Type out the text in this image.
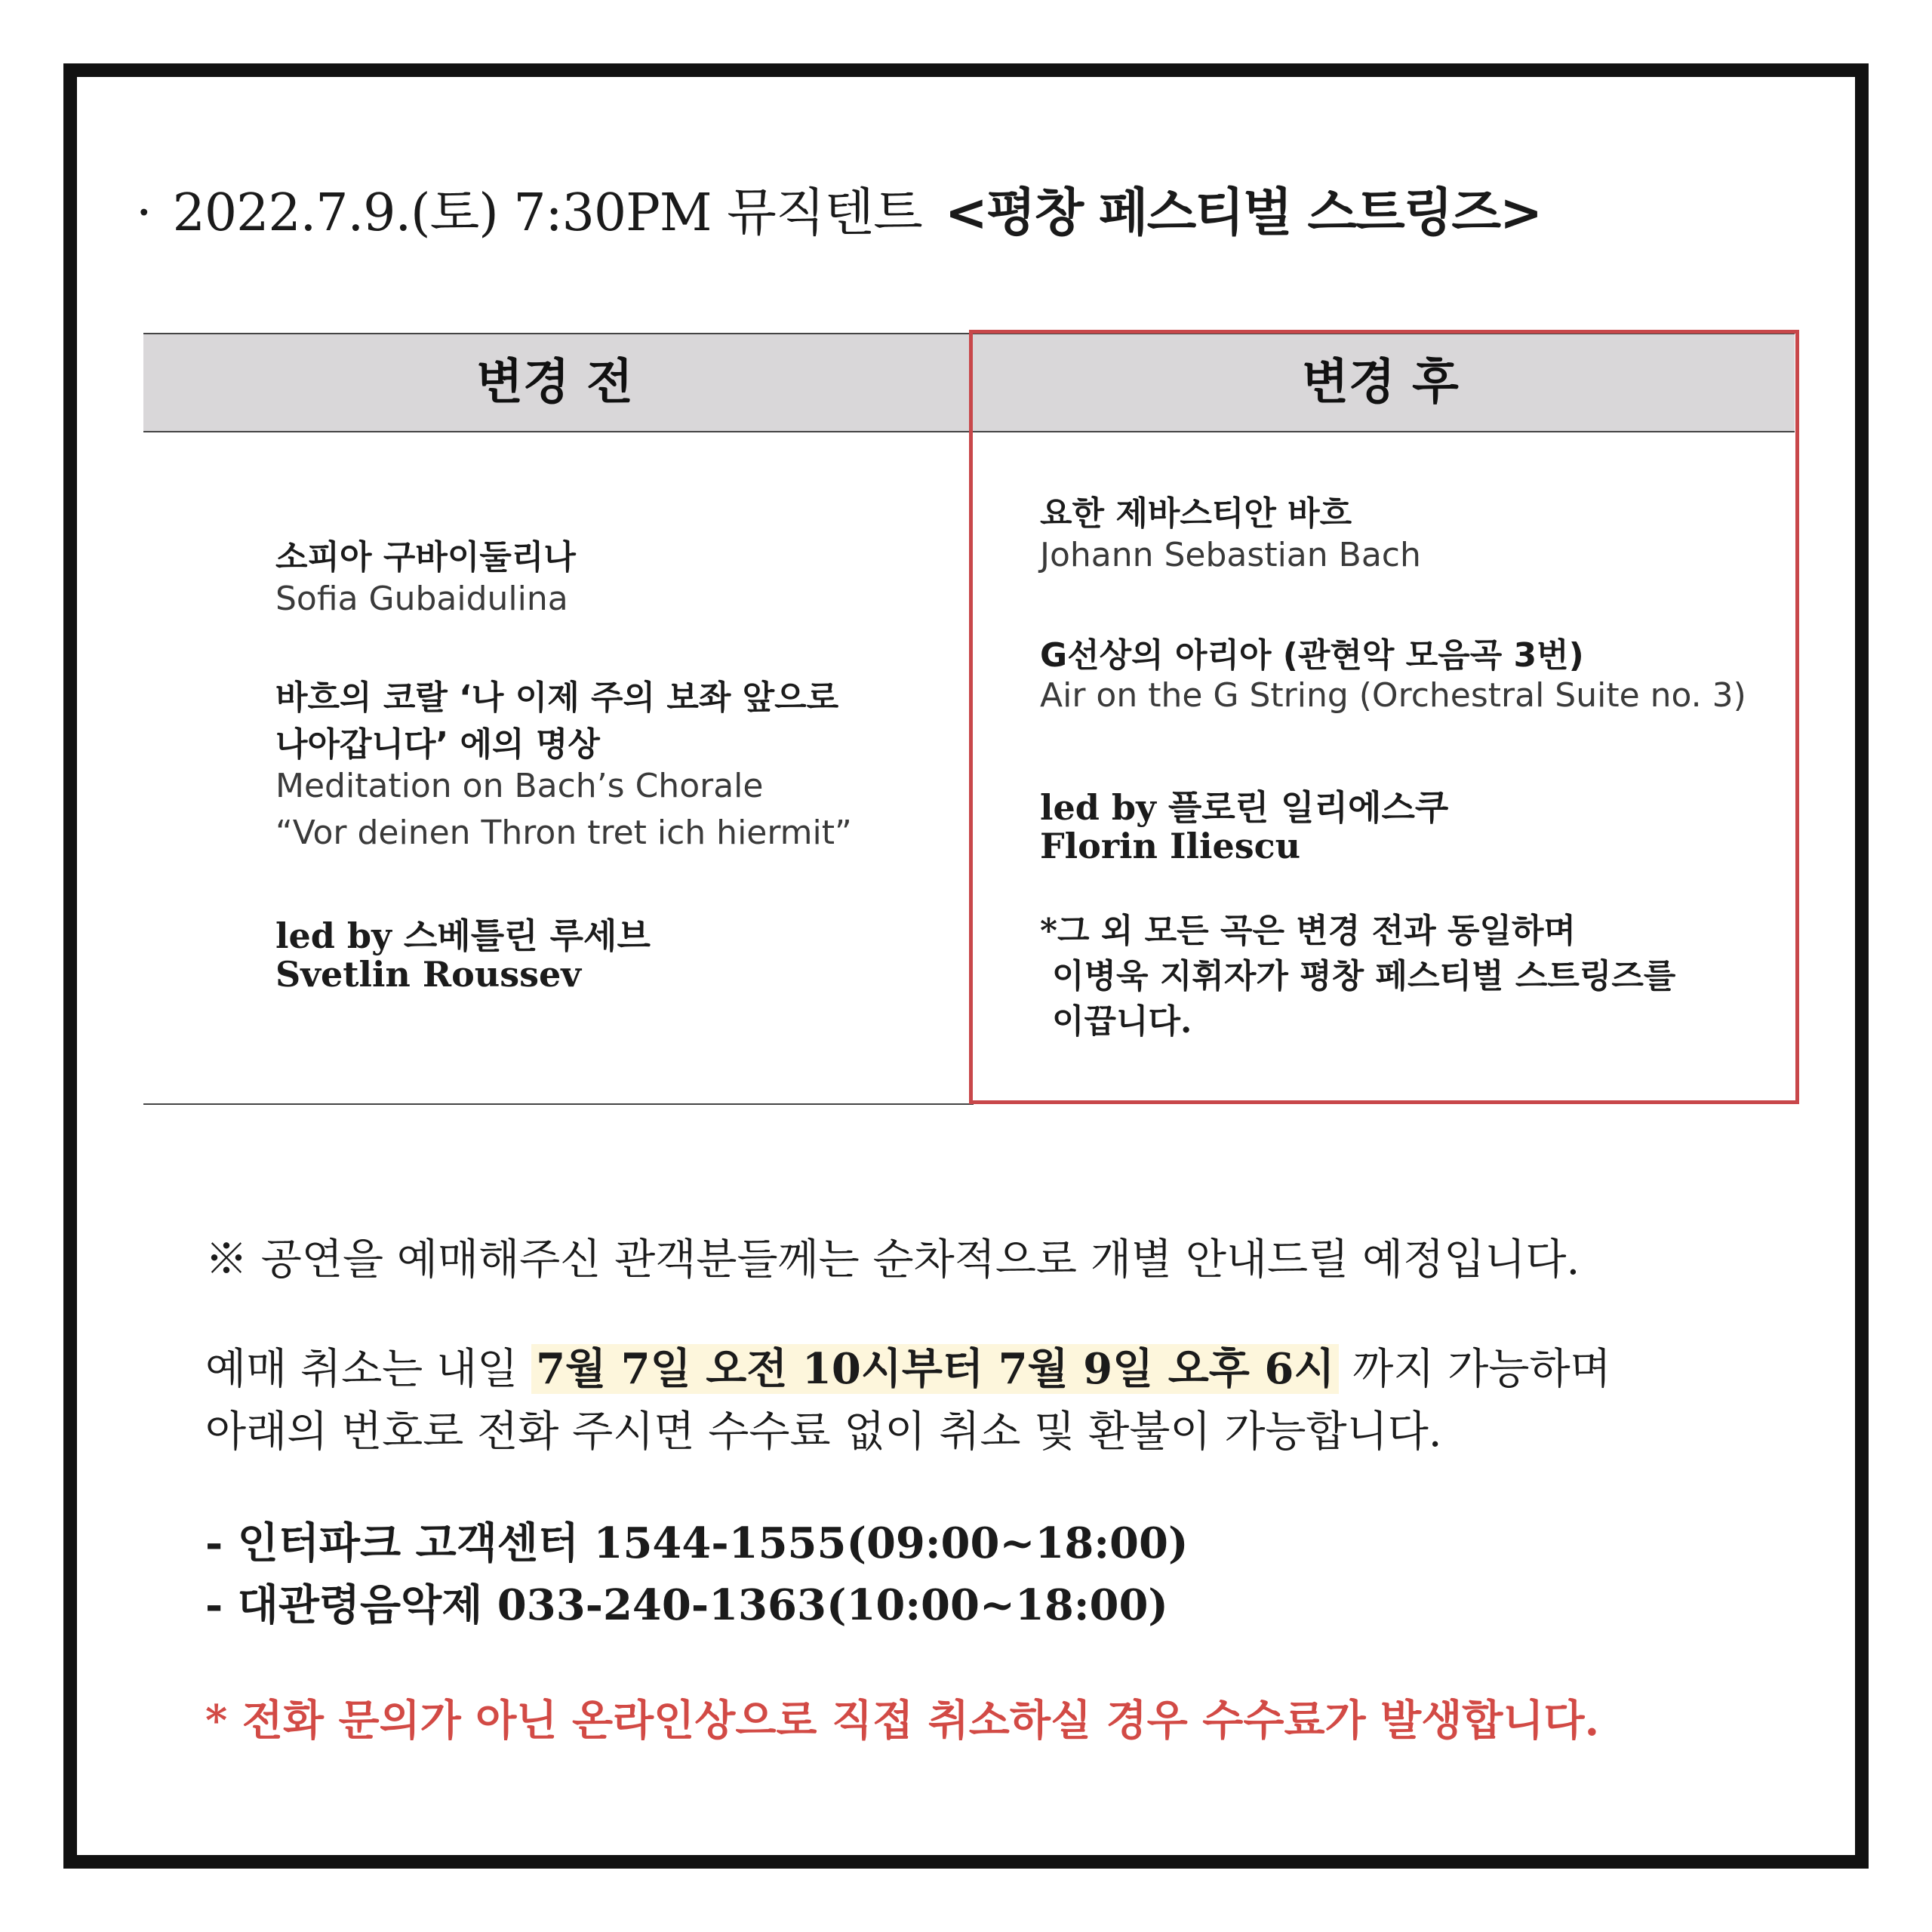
· 2022.7.9.(토) 7:30PM 뮤직텐트 <평창 페스티벌 스트링즈>
변경 전	변경 후
소피아 구바이둘리나
Sofia Gubaidulina
바흐의 코랄 ‘나 이제 주의 보좌 앞으로
나아갑니다’ 에의 명상
Meditation on Bach’s Chorale
“Vor deinen Thron tret ich hiermit”
led by 스베틀린 루세브
Svetlin Roussev
요한 제바스티안 바흐
Johann Sebastian Bach
G선상의 아리아 (관현악 모음곡 3번)
Air on the G String (Orchestral Suite no. 3)
led by 플로린 일리에스쿠
Florin Iliescu
*그 외 모든 곡은 변경 전과 동일하며
이병욱 지휘자가 평창 페스티벌 스트링즈를
이끕니다.
※ 공연을 예매해주신 관객분들께는 순차적으로 개별 안내드릴 예정입니다.
예매 취소는 내일 7월 7일 오전 10시부터 7월 9일 오후 6시 까지 가능하며
아래의 번호로 전화 주시면 수수료 없이 취소 및 환불이 가능합니다.
- 인터파크 고객센터 1544-1555(09:00~18:00)
- 대관령음악제 033-240-1363(10:00~18:00)
* 전화 문의가 아닌 온라인상으로 직접 취소하실 경우 수수료가 발생합니다.
